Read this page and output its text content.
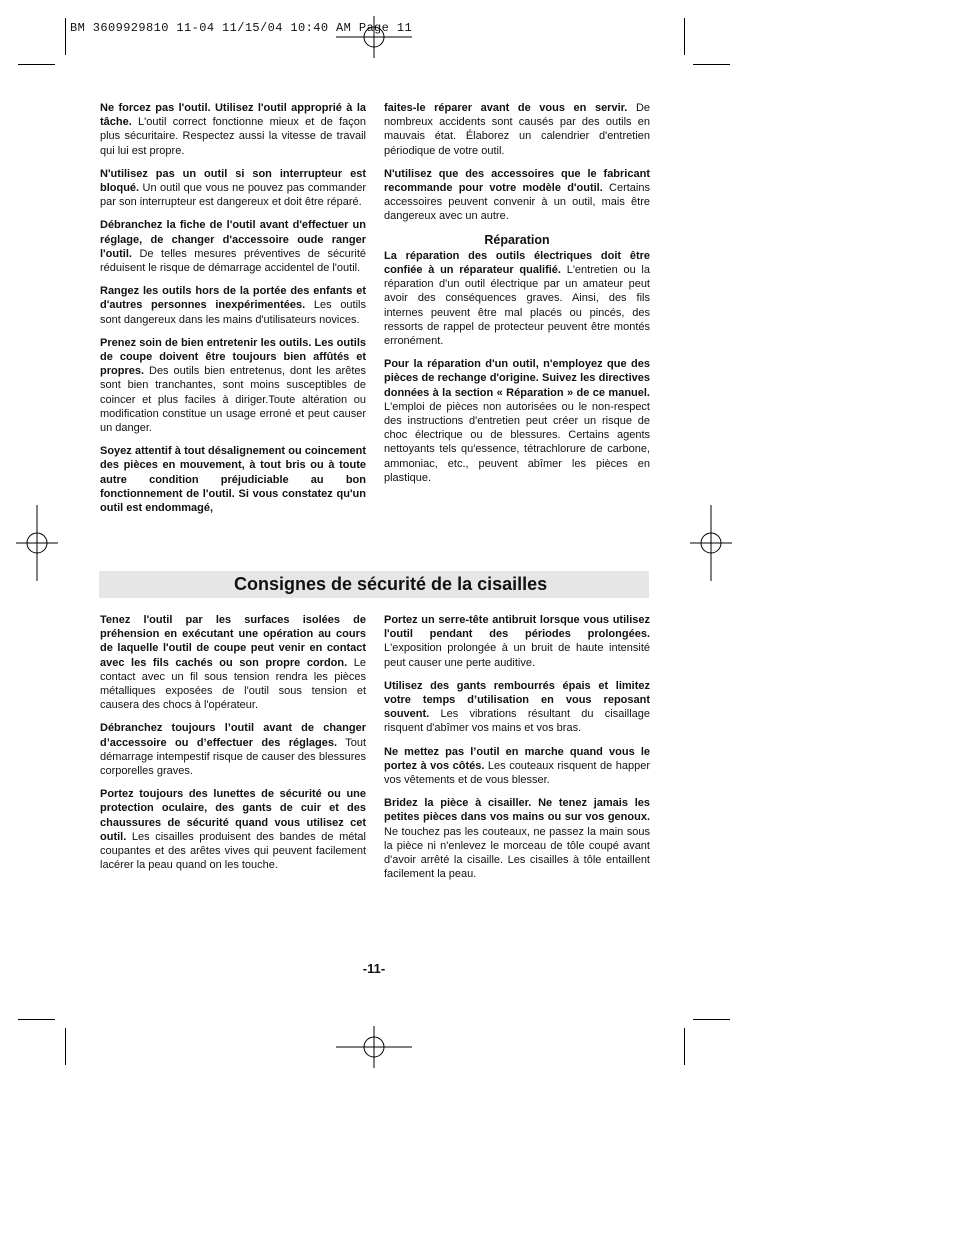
BM 3609929810 11-04 11/15/04 10:40 AM Page 11

Ne forcez pas l'outil. Utilisez l'outil approprié à la tâche. L'outil correct fonctionne mieux et de façon plus sécuritaire. Respectez aussi la vitesse de travail qui lui est propre.

N'utilisez pas un outil si son interrupteur est bloqué. Un outil que vous ne pouvez pas commander par son interrupteur est dangereux et doit être réparé.

Débranchez la fiche de l'outil avant d'effectuer un réglage, de changer d'accessoire oude ranger l'outil. De telles mesures préventives de sécurité réduisent le risque de démarrage accidentel de l'outil.

Rangez les outils hors de la portée des enfants et d'autres personnes inexpérimentées. Les outils sont dangereux dans les mains d'utilisateurs novices.

Prenez soin de bien entretenir les outils. Les outils de coupe doivent être toujours bien affûtés et propres. Des outils bien entretenus, dont les arêtes sont bien tranchantes, sont moins susceptibles de coincer et plus faciles à diriger.Toute altération ou modification constitue un usage erroné et peut causer un danger.

Soyez attentif à tout désalignement ou coincement des pièces en mouvement, à tout bris ou à toute autre condition préjudiciable au bon fonctionnement de l'outil. Si vous constatez qu'un outil est endommagé,

faites-le réparer avant de vous en servir. De nombreux accidents sont causés par des outils en mauvais état. Élaborez un calendrier d'entretien périodique de votre outil.

N'utilisez que des accessoires que le fabricant recommande pour votre modèle d'outil. Certains accessoires peuvent convenir à un outil, mais être dangereux avec un autre.

Réparation

La réparation des outils électriques doit être confiée à un réparateur qualifié. L'entretien ou la réparation d'un outil électrique par un amateur peut avoir des conséquences graves. Ainsi, des fils internes peuvent être mal placés ou pincés, des ressorts de rappel de protecteur peuvent être montés erronément.

Pour la réparation d'un outil, n'employez que des pièces de rechange d'origine. Suivez les directives données à la section « Réparation » de ce manuel. L'emploi de pièces non autorisées ou le non-respect des instructions d'entretien peut créer un risque de choc électrique ou de blessures. Certains agents nettoyants tels qu'essence, tétrachlorure de carbone, ammoniac, etc., peuvent abîmer les pièces en plastique.

Consignes de sécurité de la cisailles

Tenez l'outil par les surfaces isolées de préhension en exécutant une opération au cours de laquelle l'outil de coupe peut venir en contact avec les fils cachés ou son propre cordon. Le contact avec un fil sous tension rendra les pièces métalliques exposées de l'outil sous tension et causera des chocs à l'opérateur.

Débranchez toujours l’outil avant de changer d’accessoire ou d’effectuer des réglages. Tout démarrage intempestif risque de causer des blessures corporelles graves.

Portez toujours des lunettes de sécurité ou une protection oculaire, des gants de cuir et des chaussures de sécurité quand vous utilisez cet outil. Les cisailles produisent des bandes de métal coupantes et des arêtes vives qui peuvent facilement lacérer la peau quand on les touche.

Portez un serre-tête antibruit lorsque vous utilisez l'outil pendant des périodes prolongées. L'exposition prolongée à un bruit de haute intensité peut causer une perte auditive.

Utilisez des gants rembourrés épais et limitez votre temps d’utilisation en vous reposant souvent. Les vibrations résultant du cisaillage risquent d'abîmer vos mains et vos bras.

Ne mettez pas l’outil en marche quand vous le portez à vos côtés. Les couteaux risquent de happer vos vêtements et de vous blesser.

Bridez la pièce à cisailler. Ne tenez jamais les petites pièces dans vos mains ou sur vos genoux. Ne touchez pas les couteaux, ne passez la main sous la pièce ni n'enlevez le morceau de tôle coupé avant d'avoir arrêté la cisaille. Les cisailles à tôle entaillent facilement la peau.

-11-
